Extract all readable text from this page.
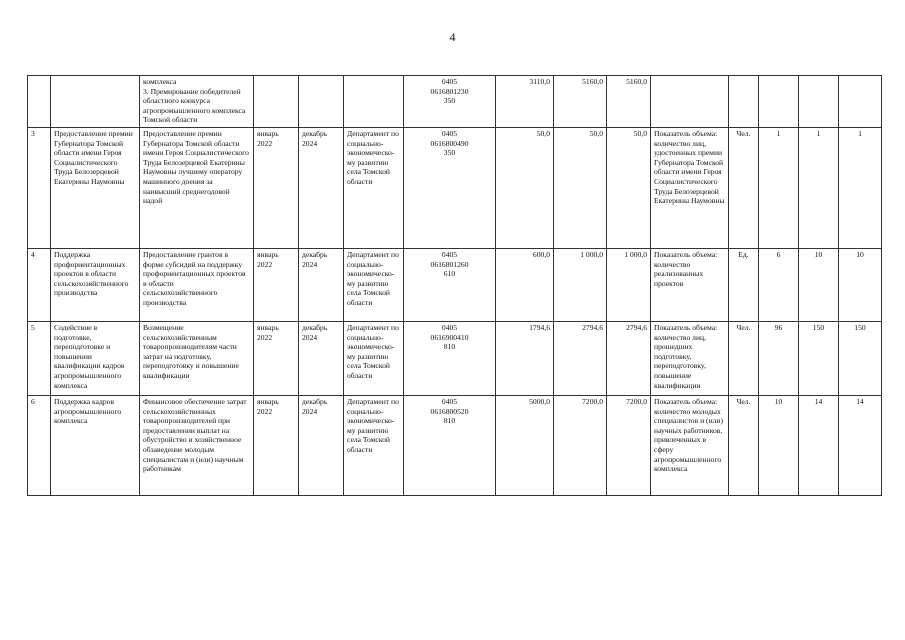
4
		комплекса
3. Премирование победителей областного конкурса агропромышленного комплекса Томской области				0405
0616801230
350	3110,0	5160,0	5160,0					
3	Предоставление премии Губернатора Томской области имени Героя Социалистического Труда Белозерцевой Екатерины Наумовны	Предоставление премии Губернатора Томской области имени Героя Социалистического Труда Белозерцевой Екатерины Наумовны лучшему оператору машинного доения за наивысший среднегодовой надой	январь 2022	декабрь 2024	Департамент по социально-экономическо-му развитию села Томской области	0405
0616800490
350	50,0	50,0	50,0	Показатель объема: количество лиц, удостоенных премии Губернатора Томской области имени Героя Социалистического Труда Белозерцевой Екатерины Наумовны	Чел.	1	1	1
4	Поддержка профориентационных проектов в области сельскохозяйственного производства	Предоставление грантов в форме субсидий на поддержку профориентационных проектов в области сельскохозяйственного производства	январь 2022	декабрь 2024	Департамент по социально-экономическо-му развитию села Томской области	0405
0616801260
610	600,0	1 000,0	1 000,0	Показатель объема: количество реализованных проектов	Ед.	6	10	10
5	Содействие в подготовке, переподготовке и повышении квалификации кадров агропромышленного комплекса	Возмещение сельскохозяйственным товаропроизводителям части затрат на подготовку, переподготовку и повышение квалификации	январь 2022	декабрь 2024	Департамент по социально-экономическо-му развитию села Томской области	0405
0616900410
810	1794,6	2794,6	2794,6	Показатель объема: количество лиц, прошедших подготовку, переподготовку, повышение квалификации	Чел.	96	150	150
6	Поддержка кадров агропромышленного комплекса	Финансовое обеспечение затрат сельскохозяйственных товаропроизводителей при предоставлении выплат на обустройство и хозяйственное обзаведение молодым специалистам и (или) научным работникам	январь 2022	декабрь 2024	Департамент по социально-экономическо-му развитию села Томской области	0405
0616800520
810	5000,0	7200,0	7200,0	Показатель объема: количество молодых специалистов и (или) научных работников, привлеченных в сферу агропромышленного комплекса	Чел.	10	14	14
